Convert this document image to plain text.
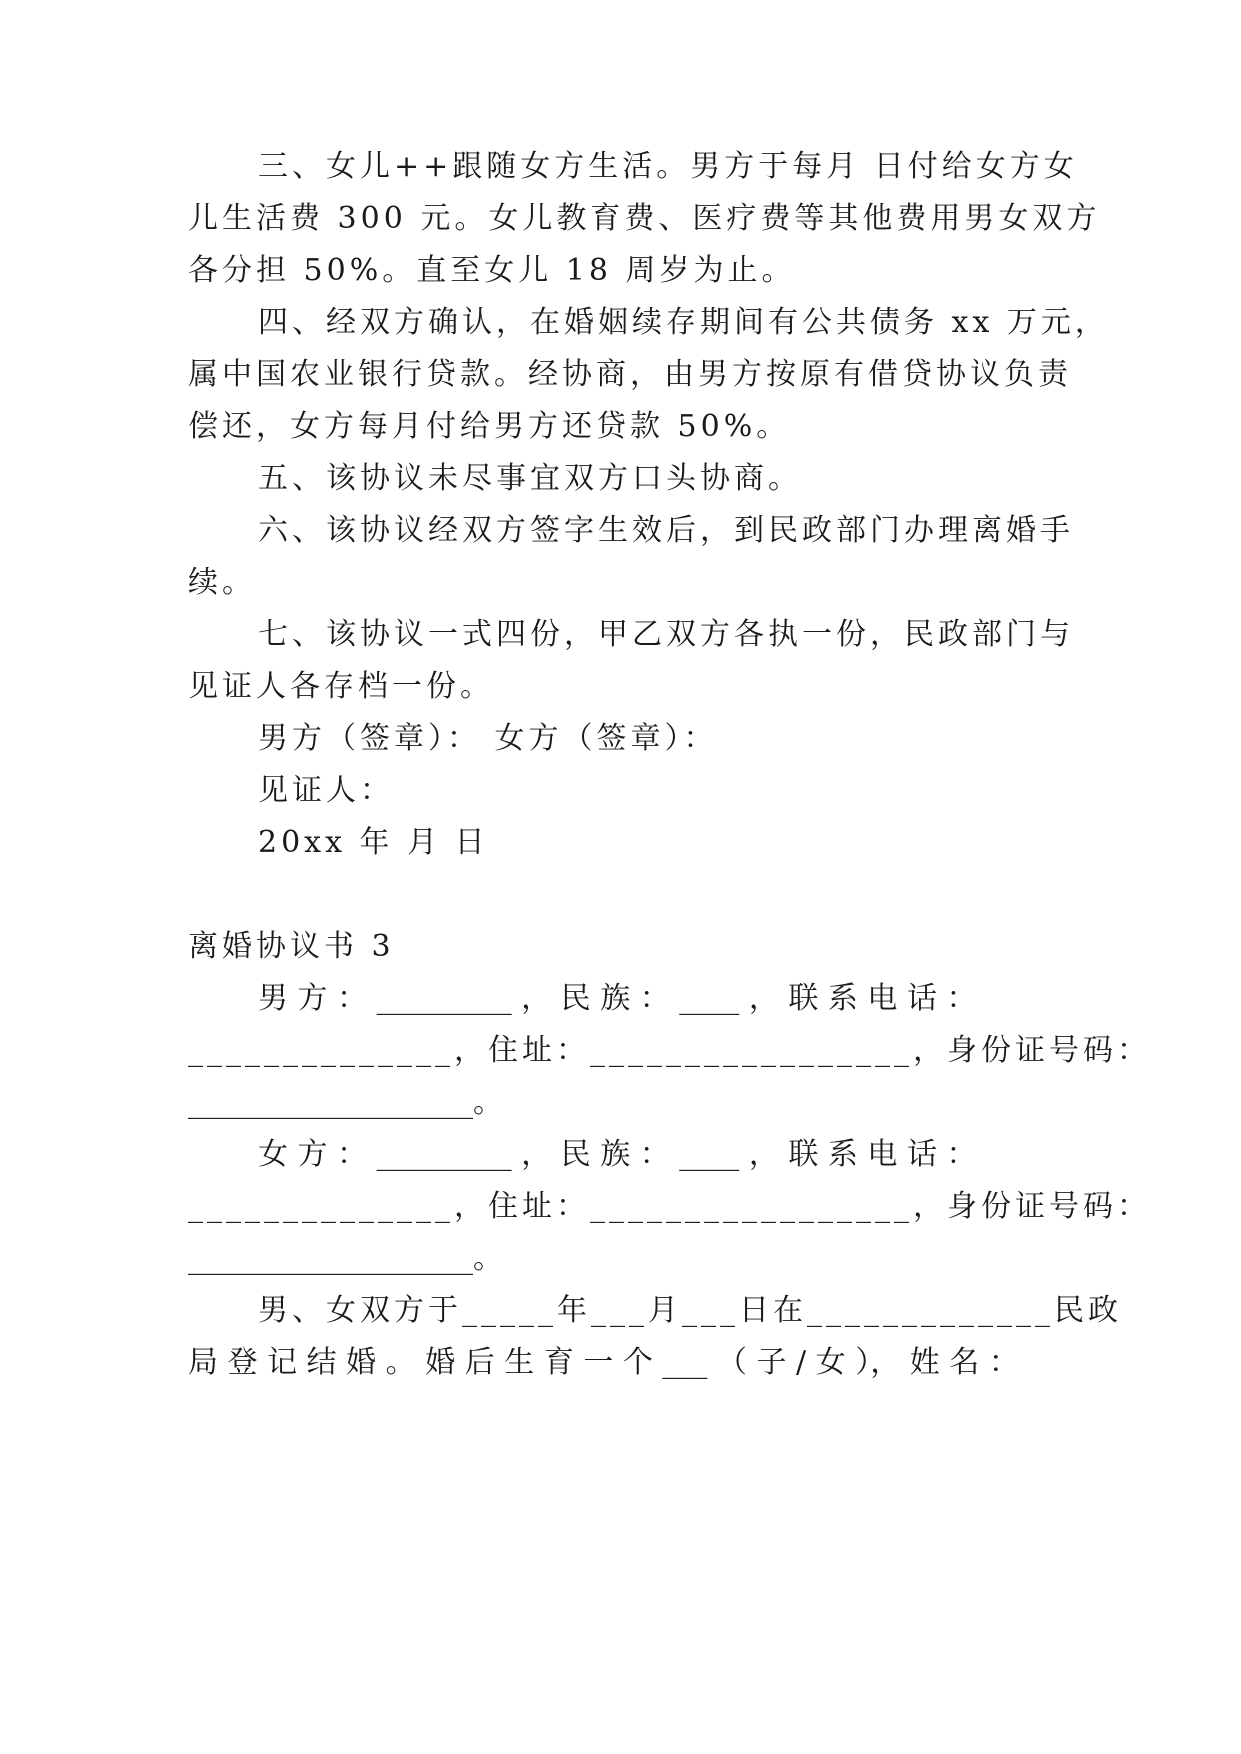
三、女儿++跟随女方生活。男方于每月 日付给女方女
儿生活费 300 元。女儿教育费、医疗费等其他费用男女双方
各分担 50%。直至女儿 18 周岁为止。
四、经双方确认，在婚姻续存期间有公共债务 xx 万元，
属中国农业银行贷款。经协商，由男方按原有借贷协议负责
偿还，女方每月付给男方还贷款 50%。
五、该协议未尽事宜双方口头协商。
六、该协议经双方签字生效后，到民政部门办理离婚手
续。
七、该协议一式四份，甲乙双方各执一份，民政部门与
见证人各存档一份。
男方（签章）： 女方（签章）：
见证人：
20xx 年 月 日
离婚协议书 3
男 方 ： _________ ， 民 族 ： ____ ， 联 系 电 话 ：
______________，住址：_________________，身份证号码：
___________________。
女 方 ： _________ ， 民 族 ： ____ ， 联 系 电 话 ：
______________，住址：_________________，身份证号码：
___________________。
男、女双方于_____年___月___日在_____________民政
局 登 记 结 婚 。 婚 后 生 育 一 个 ___ （ 子 / 女 ）， 姓 名 ：
